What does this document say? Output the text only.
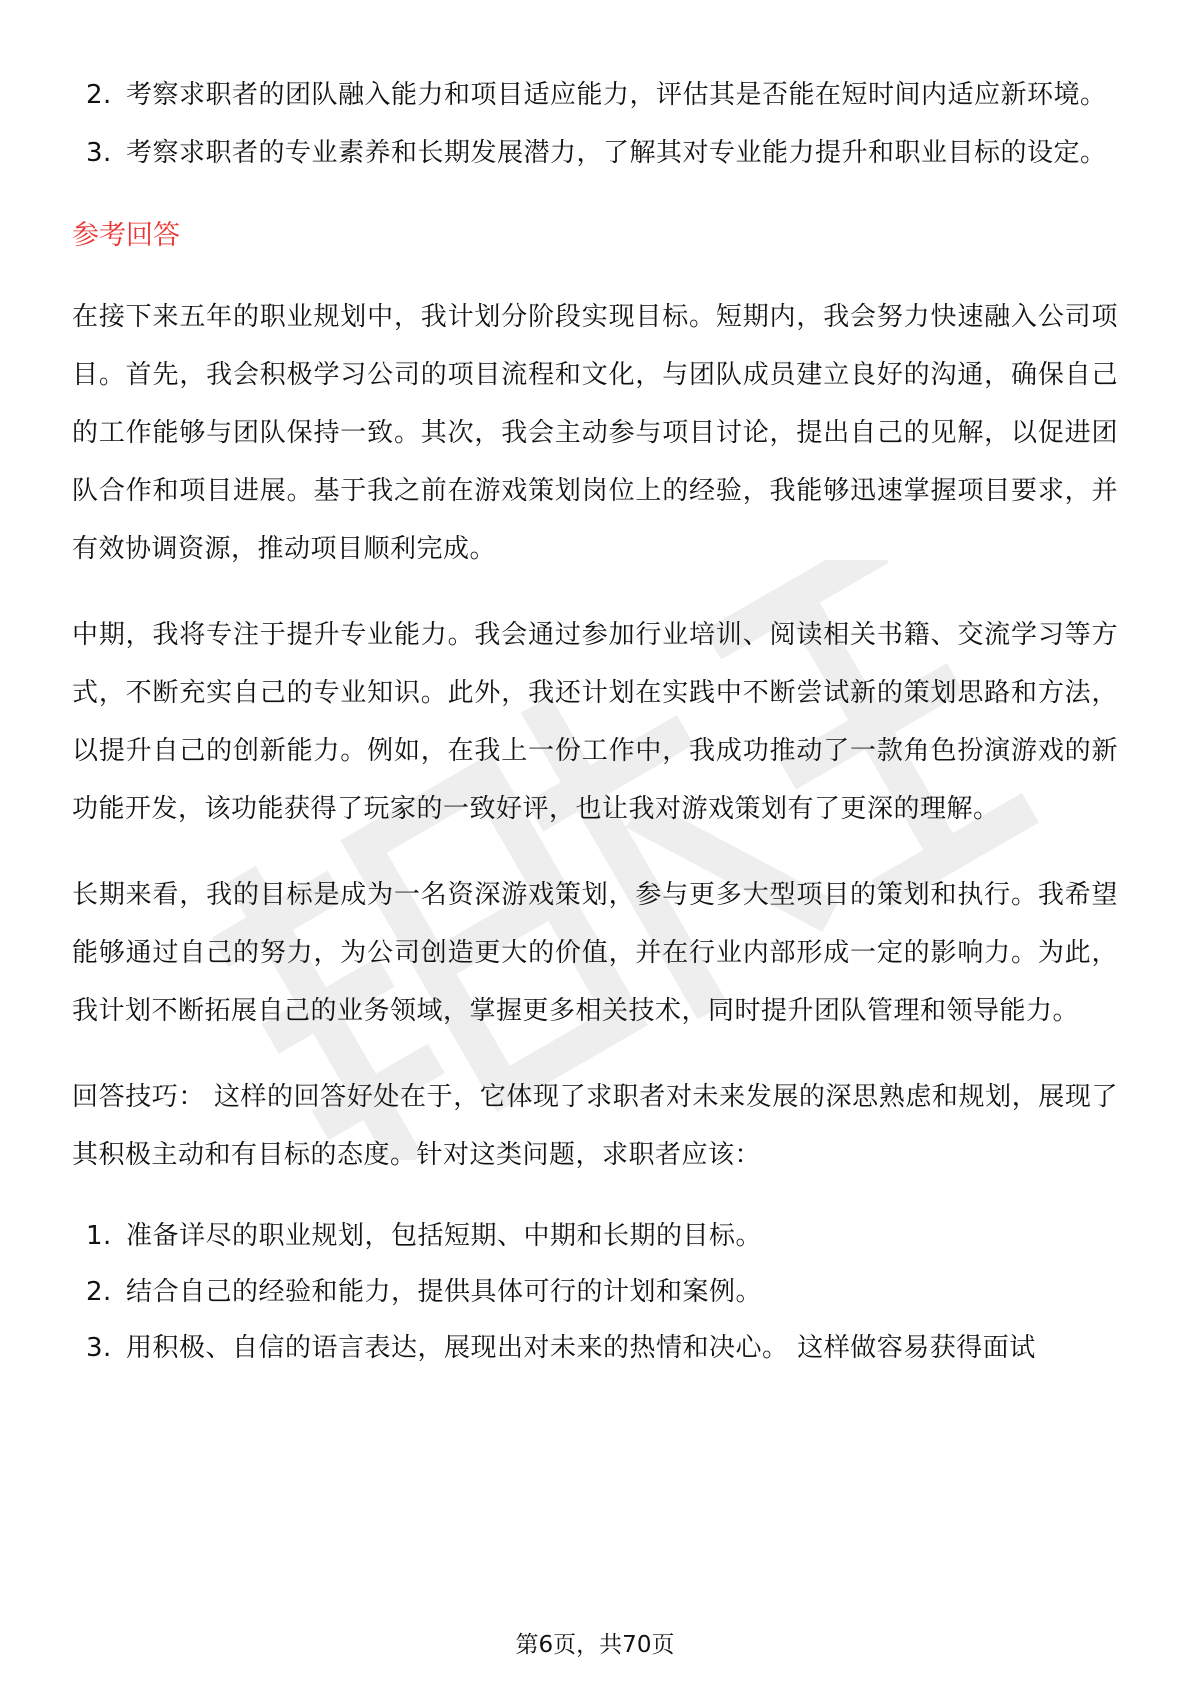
2. 考察求职者的团队融入能力和项目适应能力，评估其是否能在短时间内适应新环境。
3. 考察求职者的专业素养和长期发展潜力，了解其对专业能力提升和职业目标的设定。
参考回答

在接下来五年的职业规划中，我计划分阶段实现目标。短期内，我会努力快速融入公司项目。首先，我会积极学习公司的项目流程和文化，与团队成员建立良好的沟通，确保自己的工作能够与团队保持一致。其次，我会主动参与项目讨论，提出自己的见解，以促进团队合作和项目进展。基于我之前在游戏策划岗位上的经验，我能够迅速掌握项目要求，并有效协调资源，推动项目顺利完成。

中期，我将专注于提升专业能力。我会通过参加行业培训、阅读相关书籍、交流学习等方式，不断充实自己的专业知识。此外，我还计划在实践中不断尝试新的策划思路和方法，以提升自己的创新能力。例如，在我上一份工作中，我成功推动了一款角色扮演游戏的新功能开发，该功能获得了玩家的一致好评，也让我对游戏策划有了更深的理解。

长期来看，我的目标是成为一名资深游戏策划，参与更多大型项目的策划和执行。我希望能够通过自己的努力，为公司创造更大的价值，并在行业内部形成一定的影响力。为此，我计划不断拓展自己的业务领域，掌握更多相关技术，同时提升团队管理和领导能力。

回答技巧： 这样的回答好处在于，它体现了求职者对未来发展的深思熟虑和规划，展现了其积极主动和有目标的态度。针对这类问题，求职者应该：

1. 准备详尽的职业规划，包括短期、中期和长期的目标。
2. 结合自己的经验和能力，提供具体可行的计划和案例。
3. 用积极、自信的语言表达，展现出对未来的热情和决心。 这样做容易获得面试
第6页，共70页
